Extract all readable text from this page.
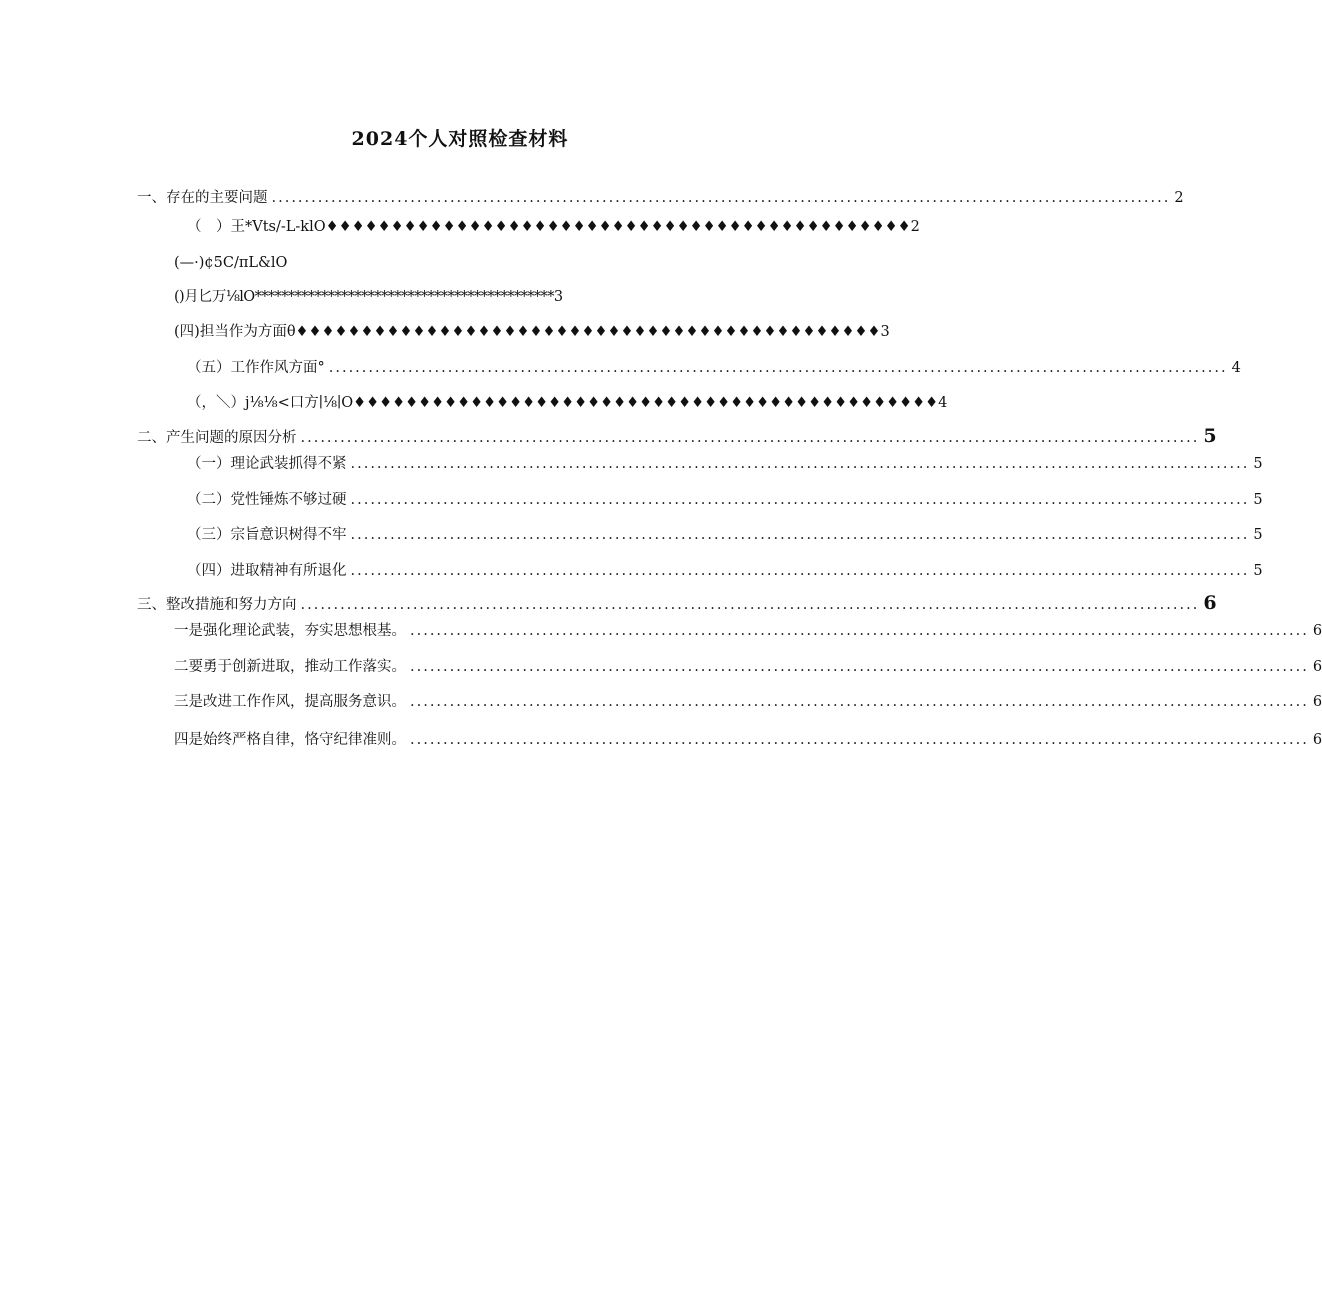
2024个人对照检查材料
一、存在的主要问题 ........................................................................................................................................ 2
（　）王*Vts/-L-klO♦♦♦♦♦♦♦♦♦♦♦♦♦♦♦♦♦♦♦♦♦♦♦♦♦♦♦♦♦♦♦♦♦♦♦♦♦♦♦♦♦♦♦♦♦2
(—·)¢5C/πL&lO
()月匕万⅛lO*********************************************3
(四)担当作为方面θ♦♦♦♦♦♦♦♦♦♦♦♦♦♦♦♦♦♦♦♦♦♦♦♦♦♦♦♦♦♦♦♦♦♦♦♦♦♦♦♦♦♦♦♦♦3
（五）工作作风方面° ........................................................................................................................................ 4
（，＼）j⅛⅛<口方∣⅛∣O♦♦♦♦♦♦♦♦♦♦♦♦♦♦♦♦♦♦♦♦♦♦♦♦♦♦♦♦♦♦♦♦♦♦♦♦♦♦♦♦♦♦♦♦♦4
二、产生问题的原因分析 ........................................................................................................................................ 5
（一）理论武装抓得不紧 ........................................................................................................................................ 5
（二）党性锤炼不够过硬 ........................................................................................................................................ 5
（三）宗旨意识树得不牢 ........................................................................................................................................ 5
（四）进取精神有所退化 ........................................................................................................................................ 5
三、整改措施和努力方向 ........................................................................................................................................ 6
一是强化理论武装，夯实思想根基。 ........................................................................................................................................ 6
二要勇于创新进取，推动工作落实。 ........................................................................................................................................ 6
三是改进工作作风，提高服务意识。 ........................................................................................................................................ 6
四是始终严格自律，恪守纪律准则。 ........................................................................................................................................ 6
